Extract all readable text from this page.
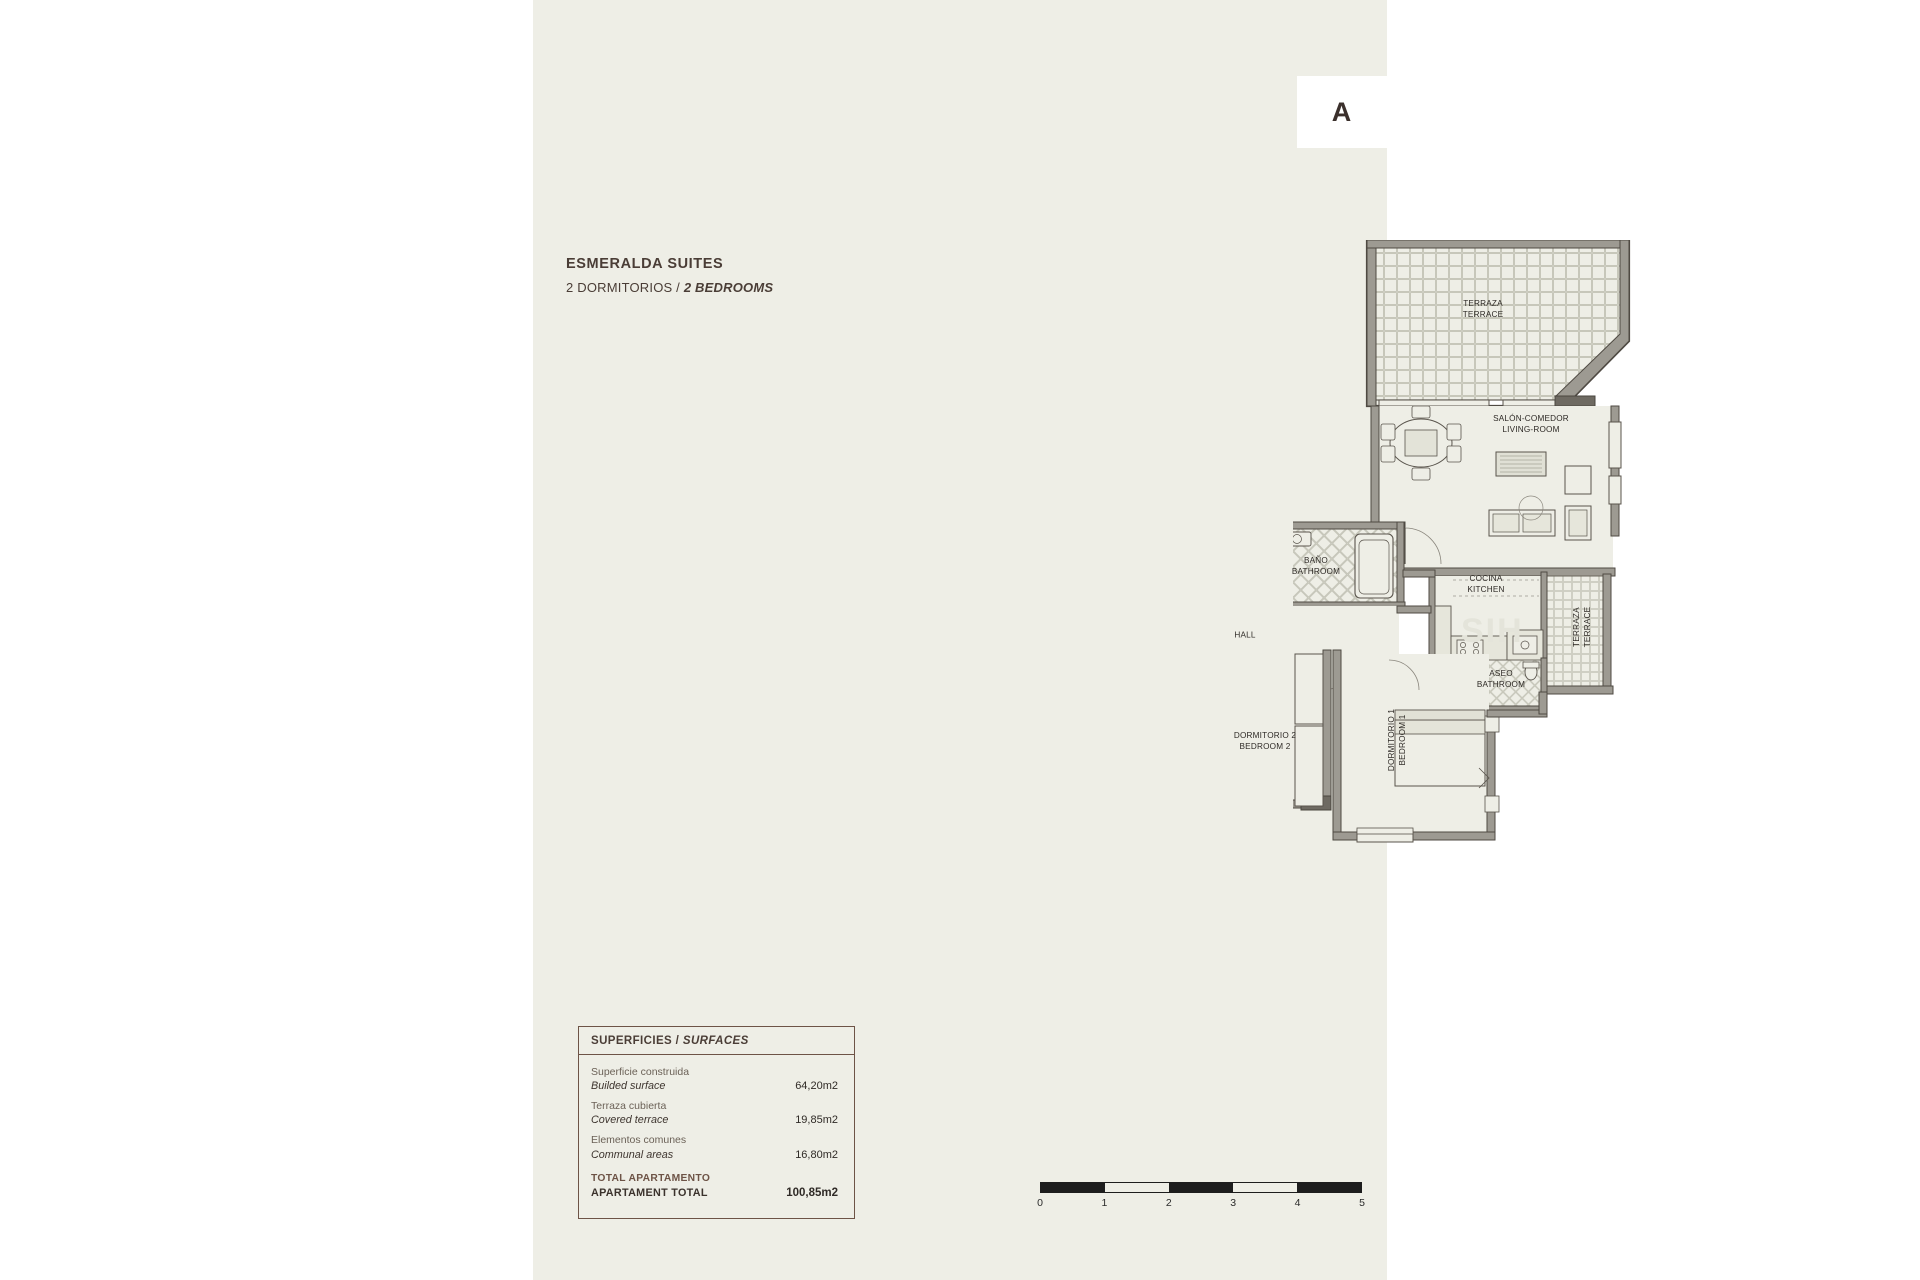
TERRAZA
TERRACE
SALÓN-COMEDOR
LIVING-ROOM
BAÑO
BATHROOM
COCINA
KITCHEN
TERRAZA TERRACE
ASEO
BATHROOM
DORMITORIO 2
BEDROOM 2	DORMITORIO 1 BEDROOM 1
HALL	SIH
A
ESMERALDA SUITES
2 DORMITORIOS / 2 BEDROOMS
SUPERFICIES / SURFACES
Superficie construida
Builded surface	64,20m2
Terraza cubierta
Covered terrace	19,85m2
Elementos comunes
Communal areas	16,80m2
TOTAL APARTAMENTO
APARTAMENT TOTAL	100,85m2
0	1	2	3	4	5
